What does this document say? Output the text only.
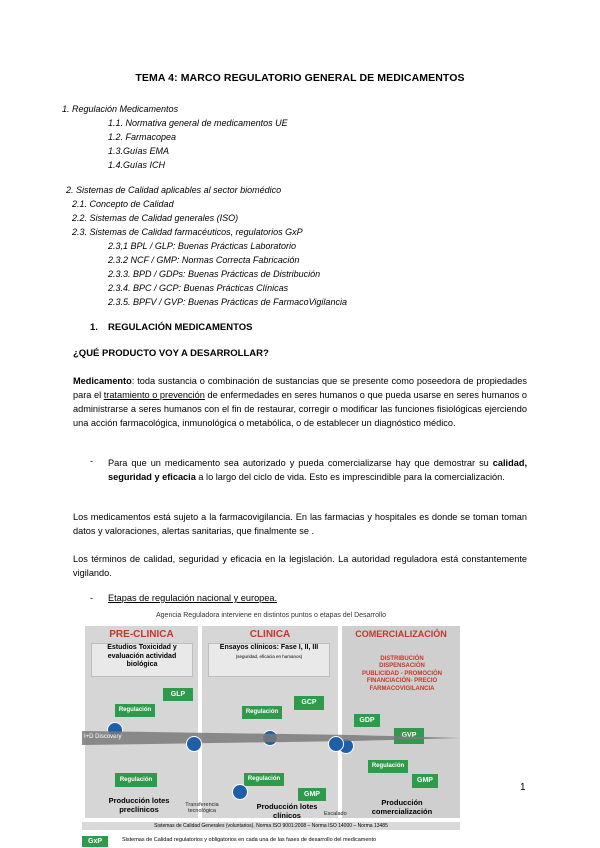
TEMA 4: MARCO REGULATORIO GENERAL DE MEDICAMENTOS
1. Regulación Medicamentos
1.1. Normativa general de medicamentos UE
1.2. Farmacopea
1.3.Guías EMA
1.4.Guías ICH
2. Sistemas de Calidad aplicables al sector biomédico
2.1. Concepto de Calidad
2.2. Sistemas de Calidad generales (ISO)
2.3. Sistemas de Calidad farmacéuticos, regulatorios GxP
2.3,1 BPL / GLP: Buenas Prácticas Laboratorio
2.3.2 NCF / GMP: Normas Correcta Fabricación
2.3.3. BPD / GDPs: Buenas Prácticas de Distribución
2.3.4. BPC / GCP: Buenas Prácticas Clínicas
2.3.5. BPFV / GVP: Buenas Prácticas de FarmacoVigilancia
1. REGULACIÓN MEDICAMENTOS
¿QUÉ PRODUCTO VOY A DESARROLLAR?
Medicamento: toda sustancia o combinación de sustancias que se presente como poseedora de propiedades para el tratamiento o prevención de enfermedades en seres humanos o que pueda usarse en seres humanos o administrarse a seres humanos con el fin de restaurar, corregir o modificar las funciones fisiológicas ejerciendo una acción farmacológica, inmunológica o metabólica, o de establecer un diagnóstico médico.
- Para que un medicamento sea autorizado y pueda comercializarse hay que demostrar su calidad, seguridad y eficacia a lo largo del ciclo de vida. Esto es imprescindible para la comercialización.
Los medicamentos está sujeto a la farmacovigilancia. En las farmacias y hospitales es donde se toman toman datos y valoraciones, alertas sanitarias, que finalmente se .
Los términos de calidad, seguridad y eficacia en la legislación. La autoridad reguladora está constantemente vigilando.
- Etapas de regulación nacional y europea.
1
Agencia Reguladora interviene en distintos puntos o etapas del Desarrollo
PRE-CLINICA
Estudios Toxicidad y evaluación actividad biológica
GLP
Regulación
Regulación
Producción lotes preclínicos
CLINICA
Ensayos clínicos: Fase I, II, III
(seguridad, eficacia en humanos)
GCP
Regulación
Regulación
GMP
Producción lotes clínicos
Transferencia tecnológica
COMERCIALIZACIÓN
DISTRIBUCIÓN
DISPENSACIÓN
PUBLICIDAD - PROMOCIÓN
FINANCIACIÓN- PRECIO
FARMACOVIGILANCIA
GDP
GVP
Regulación
GMP
Producción comercialización
Escalado
I+D Discovery
Sistemas de Calidad Generales (voluntarios). Norma ISO 9001:2008 – Norma ISO 14000 – Norma 13485
GxP	Sistemas de Calidad regulatorios y obligatorios en cada una de las fases de desarrollo del medicamento
